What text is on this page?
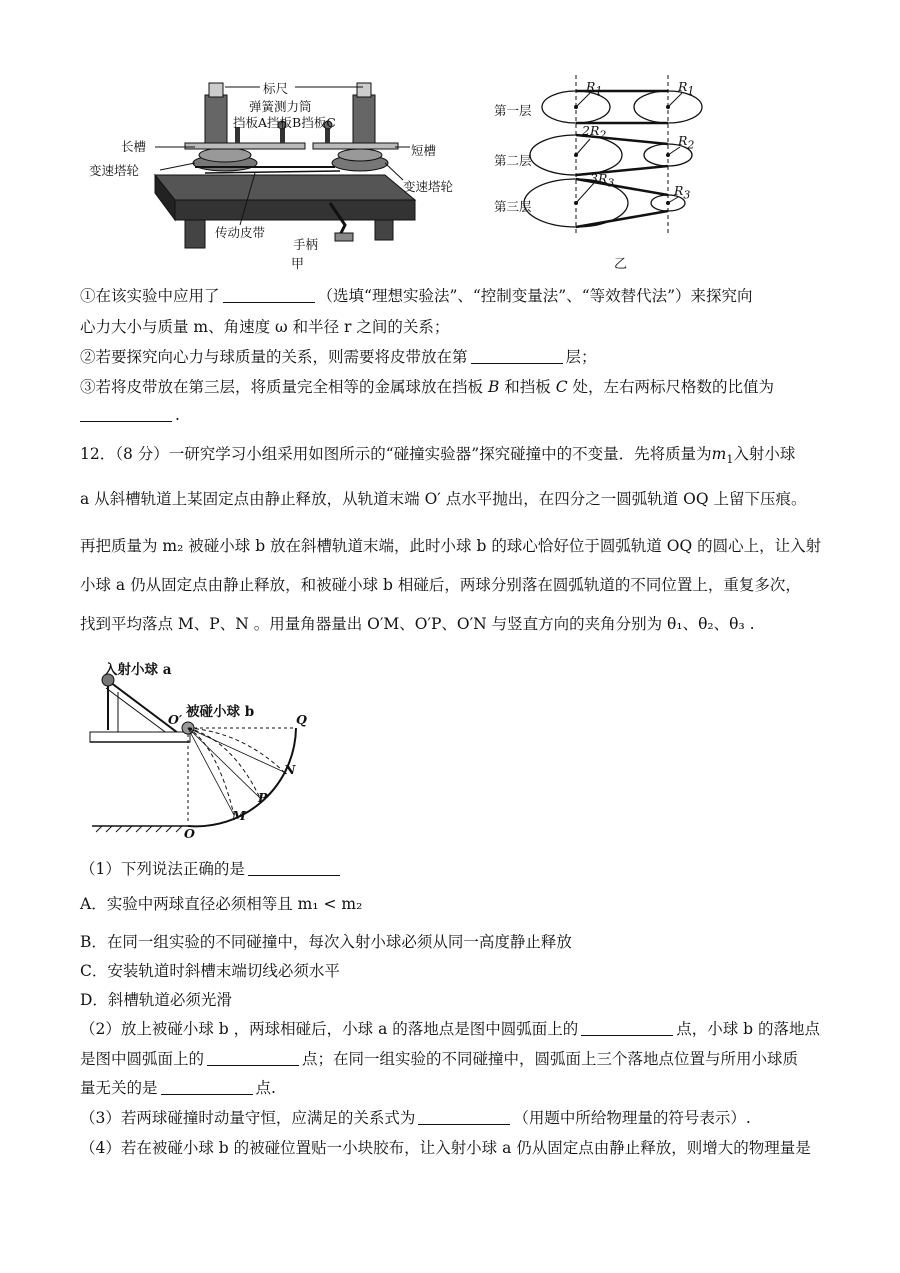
标尺
弹簧测力筒
挡板A挡板B挡板C
长槽	短槽
变速塔轮
变速塔轮
传动皮带
手柄
甲
第一层
第二层
第三层
$R_1$	$R_1$
$2R_2$	$R_2$
$3R_3$	$R_3$
乙
①在该实验中应用了	（选填“理想实验法”、“控制变量法”、“等效替代法”）来探究向
心力大小与质量 m、角速度 ω 和半径 r 之间的关系；
②若要探究向心力与球质量的关系，则需要将皮带放在第	层；
③若将皮带放在第三层，将质量完全相等的金属球放在挡板 B 和挡板 C 处，左右两标尺格数的比值为
.
12．（8 分）一研究学习小组采用如图所示的“碰撞实验器”探究碰撞中的不变量．先将质量为$m_1$入射小球
a 从斜槽轨道上某固定点由静止释放，从轨道末端 O′ 点水平抛出，在四分之一圆弧轨道 OQ 上留下压痕。
再把质量为 m₂ 被碰小球 b 放在斜槽轨道末端，此时小球 b 的球心恰好位于圆弧轨道 OQ 的圆心上，让入射
小球 a 仍从固定点由静止释放，和被碰小球 b 相碰后，两球分别落在圆弧轨道的不同位置上，重复多次，
找到平均落点 M、P、N 。用量角器量出 O′M、O′P、O′N 与竖直方向的夹角分别为 θ₁、θ₂、θ₃ .
入射小球 a
被碰小球 b
O′	Q
N
P
M
O
（1）下列说法正确的是
A．实验中两球直径必须相等且 m₁ < m₂
B．在同一组实验的不同碰撞中，每次入射小球必须从同一高度静止释放
C．安装轨道时斜槽末端切线必须水平
D．斜槽轨道必须光滑
（2）放上被碰小球 b ，两球相碰后，小球 a 的落地点是图中圆弧面上的	点，小球 b 的落地点
是图中圆弧面上的	点；在同一组实验的不同碰撞中，圆弧面上三个落地点位置与所用小球质
量无关的是	点.
（3）若两球碰撞时动量守恒，应满足的关系式为	（用题中所给物理量的符号表示）.
（4）若在被碰小球 b 的被碰位置贴一小块胶布，让入射小球 a 仍从固定点由静止释放，则增大的物理量是
